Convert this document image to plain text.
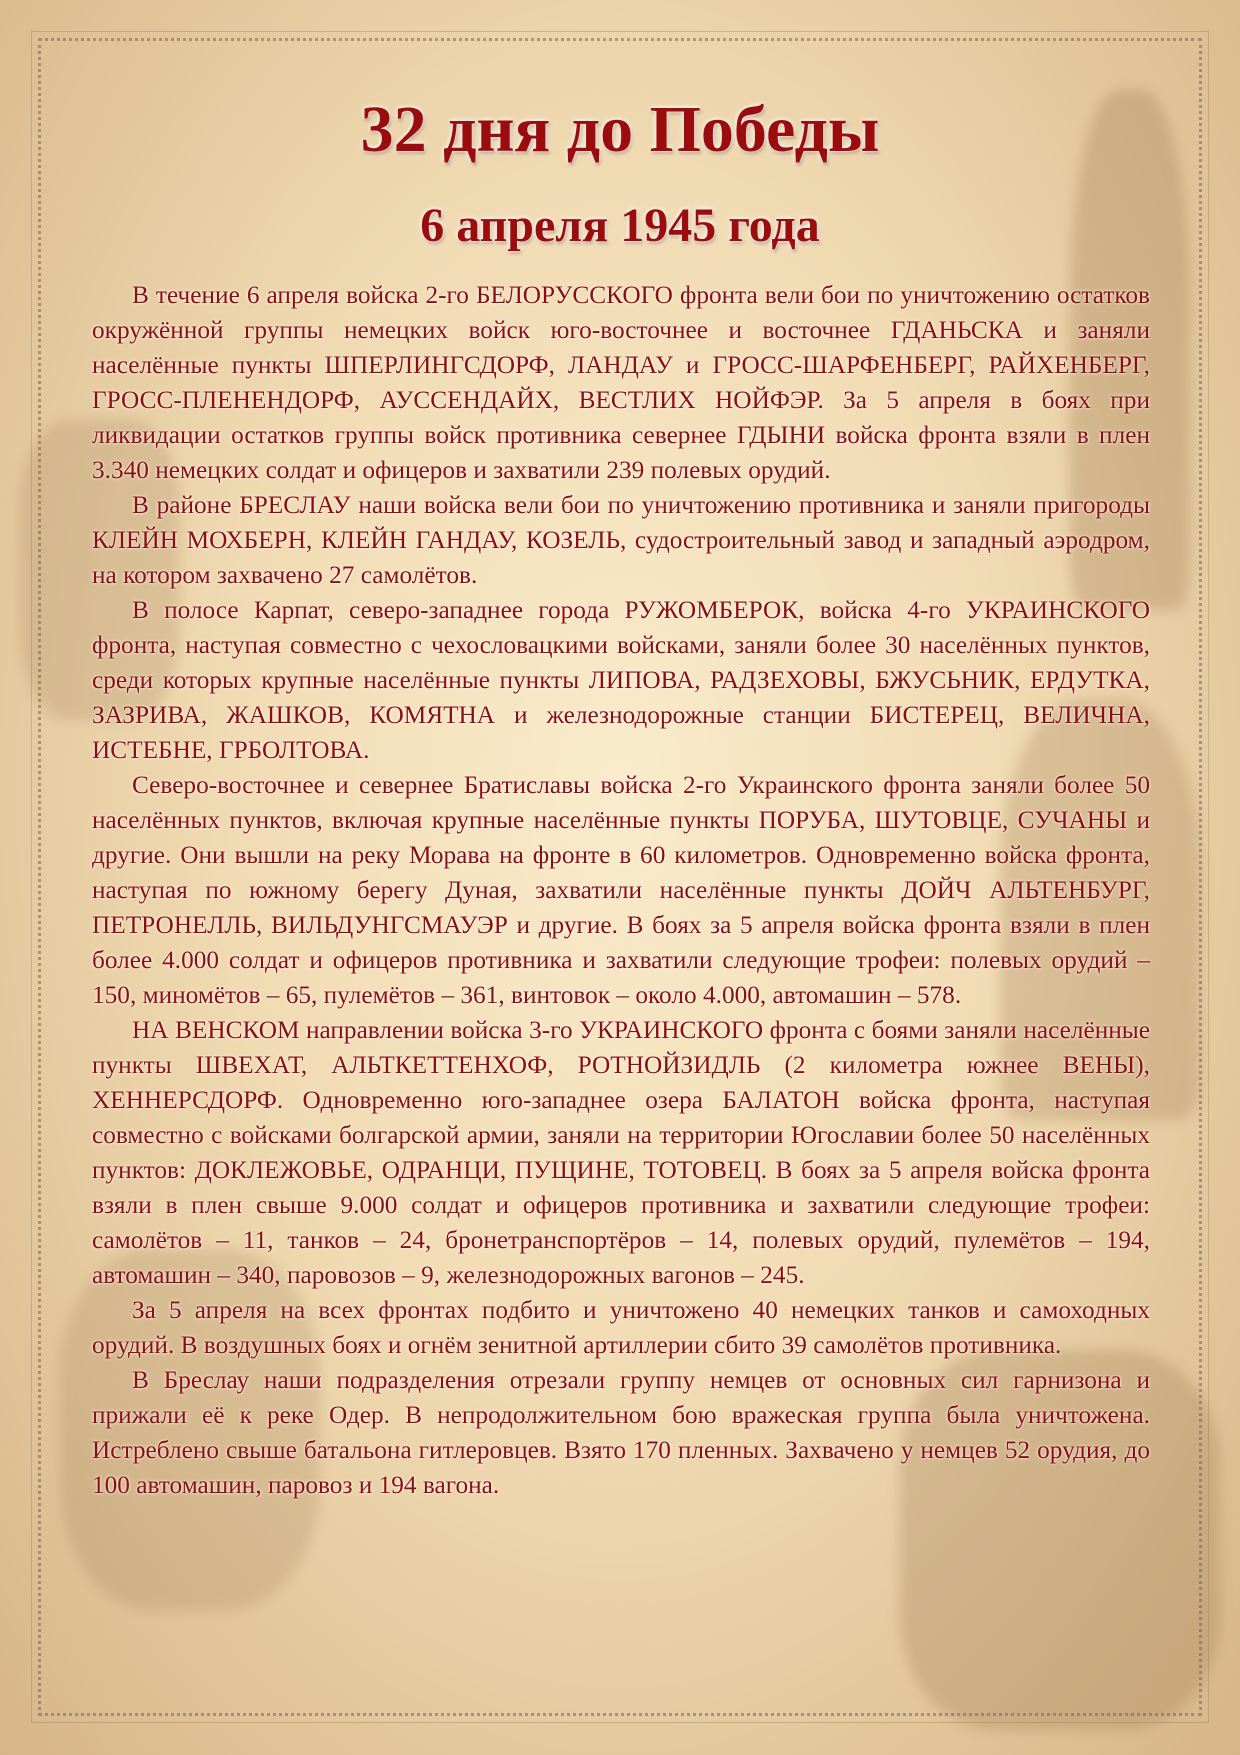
32 дня до Победы
6 апреля 1945 года

В течение 6 апреля войска 2-го БЕЛОРУССКОГО фронта вели бои по уничтожению остатков окружённой группы немецких войск юго-восточнее и восточнее ГДАНЬСКА и заняли населённые пункты ШПЕРЛИНГСДОРФ, ЛАНДАУ и ГРОСС-ШАРФЕНБЕРГ, РАЙХЕНБЕРГ, ГРОСС-ПЛЕНЕНДОРФ, АУССЕНДАЙХ, ВЕСТЛИХ НОЙФЭР. За 5 апреля в боях при ликвидации остатков группы войск противника севернее ГДЫНИ войска фронта взяли в плен 3.340 немецких солдат и офицеров и захватили 239 полевых орудий.

В районе БРЕСЛАУ наши войска вели бои по уничтожению противника и заняли пригороды КЛЕЙН МОХБЕРН, КЛЕЙН ГАНДАУ, КОЗЕЛЬ, судостроительный завод и западный аэродром, на котором захвачено 27 самолётов.

В полосе Карпат, северо-западнее города РУЖОМБЕРОК, войска 4-го УКРАИНСКОГО фронта, наступая совместно с чехословацкими войсками, заняли более 30 населённых пунктов, среди которых крупные населённые пункты ЛИПОВА, РАДЗЕХОВЫ, БЖУСЬНИК, ЕРДУТКА, ЗАЗРИВА, ЖАШКОВ, КОМЯТНА и железнодорожные станции БИСТЕРЕЦ, ВЕЛИЧНА, ИСТЕБНЕ, ГРБОЛТОВА.

Северо-восточнее и севернее Братиславы войска 2-го Украинского фронта заняли более 50 населённых пунктов, включая крупные населённые пункты ПОРУБА, ШУТОВЦЕ, СУЧАНЫ и другие. Они вышли на реку Морава на фронте в 60 километров. Одновременно войска фронта, наступая по южному берегу Дуная, захватили населённые пункты ДОЙЧ АЛЬТЕНБУРГ, ПЕТРОНЕЛЛЬ, ВИЛЬДУНГСМАУЭР и другие. В боях за 5 апреля войска фронта взяли в плен более 4.000 солдат и офицеров противника и захватили следующие трофеи: полевых орудий – 150, миномётов – 65, пулемётов – 361, винтовок – около 4.000, автомашин – 578.

НА ВЕНСКОМ направлении войска 3-го УКРАИНСКОГО фронта с боями заняли населённые пункты ШВЕХАТ, АЛЬТКЕТТЕНХОФ, РОТНОЙЗИДЛЬ (2 километра южнее ВЕНЫ), ХЕННЕРСДОРФ. Одновременно юго-западнее озера БАЛАТОН войска фронта, наступая совместно с войсками болгарской армии, заняли на территории Югославии более 50 населённых пунктов: ДОКЛЕЖОВЬЕ, ОДРАНЦИ, ПУЩИНЕ, ТОТОВЕЦ. В боях за 5 апреля войска фронта взяли в плен свыше 9.000 солдат и офицеров противника и захватили следующие трофеи: самолётов – 11, танков – 24, бронетранспортёров – 14, полевых орудий, пулемётов – 194, автомашин – 340, паровозов – 9, железнодорожных вагонов – 245.

За 5 апреля на всех фронтах подбито и уничтожено 40 немецких танков и самоходных орудий. В воздушных боях и огнём зенитной артиллерии сбито 39 самолётов противника.

В Бреслау наши подразделения отрезали группу немцев от основных сил гарнизона и прижали её к реке Одер. В непродолжительном бою вражеская группа была уничтожена. Истреблено свыше батальона гитлеровцев. Взято 170 пленных. Захвачено у немцев 52 орудия, до 100 автомашин, паровоз и 194 вагона.
